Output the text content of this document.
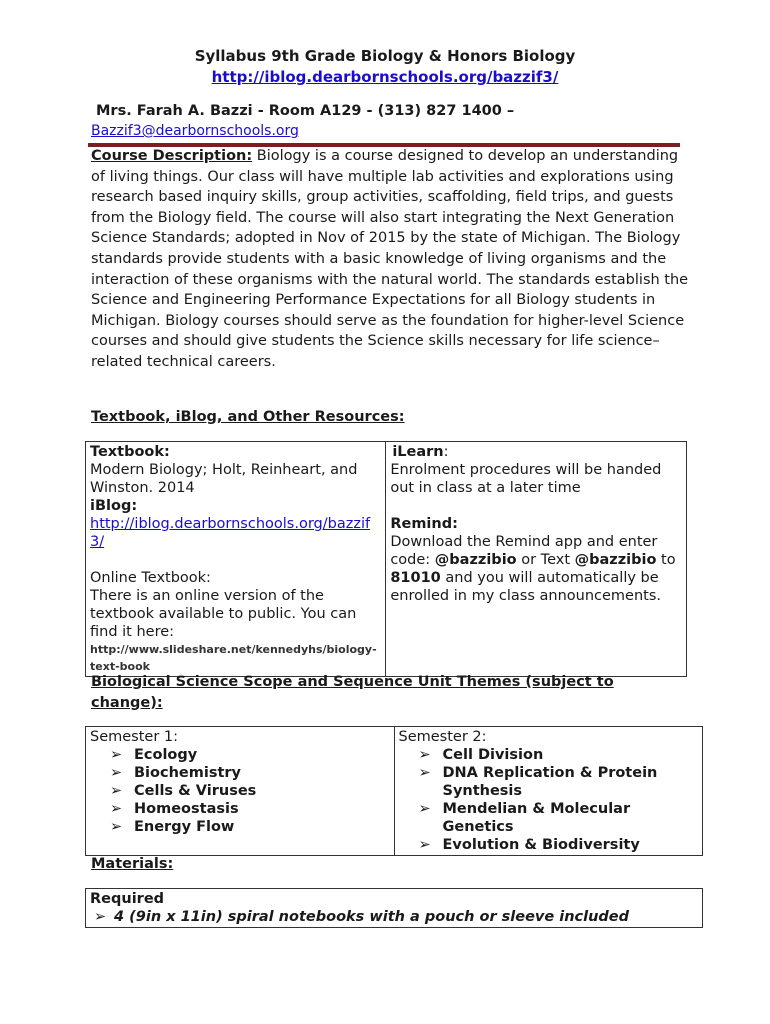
Syllabus 9th Grade Biology & Honors Biology
http://iblog.dearbornschools.org/bazzif3/
Mrs. Farah A. Bazzi - Room A129 - (313) 827 1400 –
Bazzif3@dearbornschools.org
Course Description: Biology is a course designed to develop an understanding of living things. Our class will have multiple lab activities and explorations using research based inquiry skills, group activities, scaffolding, field trips, and guests from the Biology field. The course will also start integrating the Next Generation Science Standards; adopted in Nov of 2015 by the state of Michigan. The Biology standards provide students with a basic knowledge of living organisms and the interaction of these organisms with the natural world. The standards establish the Science and Engineering Performance Expectations for all Biology students in Michigan. Biology courses should serve as the foundation for higher-level Science courses and should give students the Science skills necessary for life science–related technical careers.
Textbook, iBlog, and Other Resources:
Textbook:
Modern Biology; Holt, Reinheart, and Winston. 2014
iBlog:
http://iblog.dearbornschools.org/bazzif3/
Online Textbook:
There is an online version of the textbook available to public. You can find it here:
http://www.slideshare.net/kennedyhs/biology-text-book

iLearn:
Enrolment procedures will be handed out in class at a later time
Remind:
Download the Remind app and enter code: @bazzibio or Text @bazzibio to 81010 and you will automatically be enrolled in my class announcements.
Biological Science Scope and Sequence Unit Themes (subject to
change):
Semester 1:
➢ Ecology
➢ Biochemistry
➢ Cells & Viruses
➢ Homeostasis
➢ Energy Flow

Semester 2:
➢ Cell Division
➢ DNA Replication & Protein Synthesis
➢ Mendelian & Molecular Genetics
➢ Evolution & Biodiversity
Materials:
Required
➢ 4 (9in x 11in) spiral notebooks with a pouch or sleeve included
